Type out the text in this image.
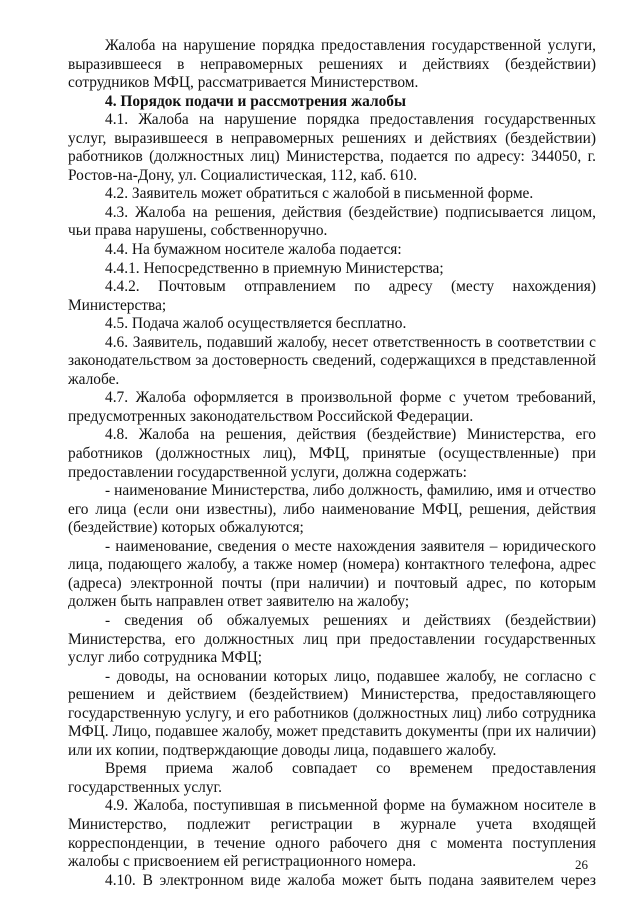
Жалоба на нарушение порядка предоставления государственной услуги, выразившееся в неправомерных решениях и действиях (бездействии) сотрудников МФЦ, рассматривается Министерством.

4. Порядок подачи и рассмотрения жалобы

4.1. Жалоба на нарушение порядка предоставления государственных услуг, выразившееся в неправомерных решениях и действиях (бездействии) работников (должностных лиц) Министерства, подается по адресу: 344050, г. Ростов-на-Дону, ул. Социалистическая, 112, каб. 610.

4.2. Заявитель может обратиться с жалобой в письменной форме.

4.3. Жалоба на решения, действия (бездействие) подписывается лицом, чьи права нарушены, собственноручно.

4.4. На бумажном носителе жалоба подается:

4.4.1. Непосредственно в приемную Министерства;

4.4.2. Почтовым отправлением по адресу (месту нахождения) Министерства;

4.5. Подача жалоб осуществляется бесплатно.

4.6. Заявитель, подавший жалобу, несет ответственность в соответствии с законодательством за достоверность сведений, содержащихся в представленной жалобе.

4.7. Жалоба оформляется в произвольной форме с учетом требований, предусмотренных законодательством Российской Федерации.

4.8. Жалоба на решения, действия (бездействие) Министерства, его работников (должностных лиц), МФЦ, принятые (осуществленные) при предоставлении государственной услуги, должна содержать:

- наименование Министерства, либо должность, фамилию, имя и отчество его лица (если они известны), либо наименование МФЦ, решения, действия (бездействие) которых обжалуются;

- наименование, сведения о месте нахождения заявителя – юридического лица, подающего жалобу, а также номер (номера) контактного телефона, адрес (адреса) электронной почты (при наличии) и почтовый адрес, по которым должен быть направлен ответ заявителю на жалобу;

- сведения об обжалуемых решениях и действиях (бездействии) Министерства, его должностных лиц при предоставлении государственных услуг либо сотрудника МФЦ;

- доводы, на основании которых лицо, подавшее жалобу, не согласно с решением и действием (бездействием) Министерства, предоставляющего государственную услугу, и его работников (должностных лиц) либо сотрудника МФЦ. Лицо, подавшее жалобу, может представить документы (при их наличии) или их копии, подтверждающие доводы лица, подавшего жалобу.

Время приема жалоб совпадает со временем предоставления государственных услуг.

4.9. Жалоба, поступившая в письменной форме на бумажном носителе в Министерство, подлежит регистрации в журнале учета входящей корреспонденции, в течение одного рабочего дня с момента поступления жалобы с присвоением ей регистрационного номера.

4.10. В электронном виде жалоба может быть подана заявителем через

26
